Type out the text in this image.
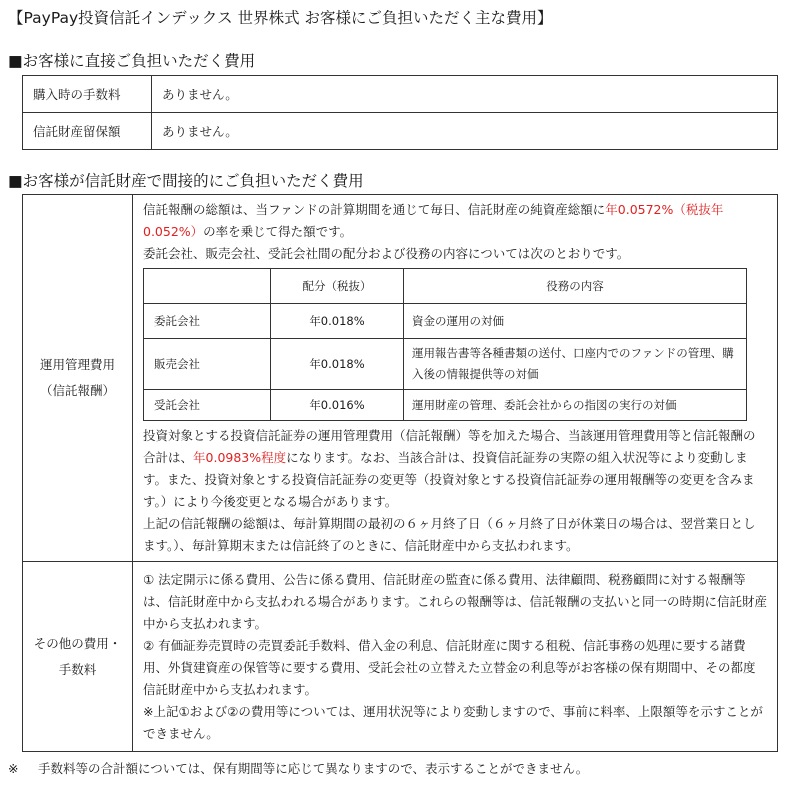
【PayPay投資信託インデックス 世界株式 お客様にご負担いただく主な費用】
■お客様に直接ご負担いただく費用
購入時の手数料	ありません。
信託財産留保額	ありません。
■お客様が信託財産で間接的にご負担いただく費用
運用管理費用
（信託報酬）

信託報酬の総額は、当ファンドの計算期間を通じて毎日、信託財産の純資産総額に年0.0572%（税抜年0.052%）の率を乗じて得た額です。
委託会社、販売会社、受託会社間の配分および役務の内容については次のとおりです。
	配分（税抜）	役務の内容
委託会社	年0.018%	資金の運用の対価
販売会社	年0.018%	運用報告書等各種書類の送付、口座内でのファンドの管理、購入後の情報提供等の対価
受託会社	年0.016%	運用財産の管理、委託会社からの指図の実行の対価
投資対象とする投資信託証券の運用管理費用（信託報酬）等を加えた場合、当該運用管理費用等と信託報酬の合計は、年0.0983%程度になります。なお、当該合計は、投資信託証券の実際の組入状況等により変動します。また、投資対象とする投資信託証券の変更等（投資対象とする投資信託証券の運用報酬等の変更を含みます。）により今後変更となる場合があります。
上記の信託報酬の総額は、毎計算期間の最初の６ヶ月終了日（６ヶ月終了日が休業日の場合は、翌営業日とします。）、毎計算期末または信託終了のときに、信託財産中から支払われます。

その他の費用・
手数料

① 法定開示に係る費用、公告に係る費用、信託財産の監査に係る費用、法律顧問、税務顧問に対する報酬等は、信託財産中から支払われる場合があります。これらの報酬等は、信託報酬の支払いと同一の時期に信託財産中から支払われます。
② 有価証券売買時の売買委託手数料、借入金の利息、信託財産に関する租税、信託事務の処理に要する諸費用、外貨建資産の保管等に要する費用、受託会社の立替えた立替金の利息等がお客様の保有期間中、その都度信託財産中から支払われます。
※上記①および②の費用等については、運用状況等により変動しますので、事前に料率、上限額等を示すことができません。
※ 手数料等の合計額については、保有期間等に応じて異なりますので、表示することができません。
